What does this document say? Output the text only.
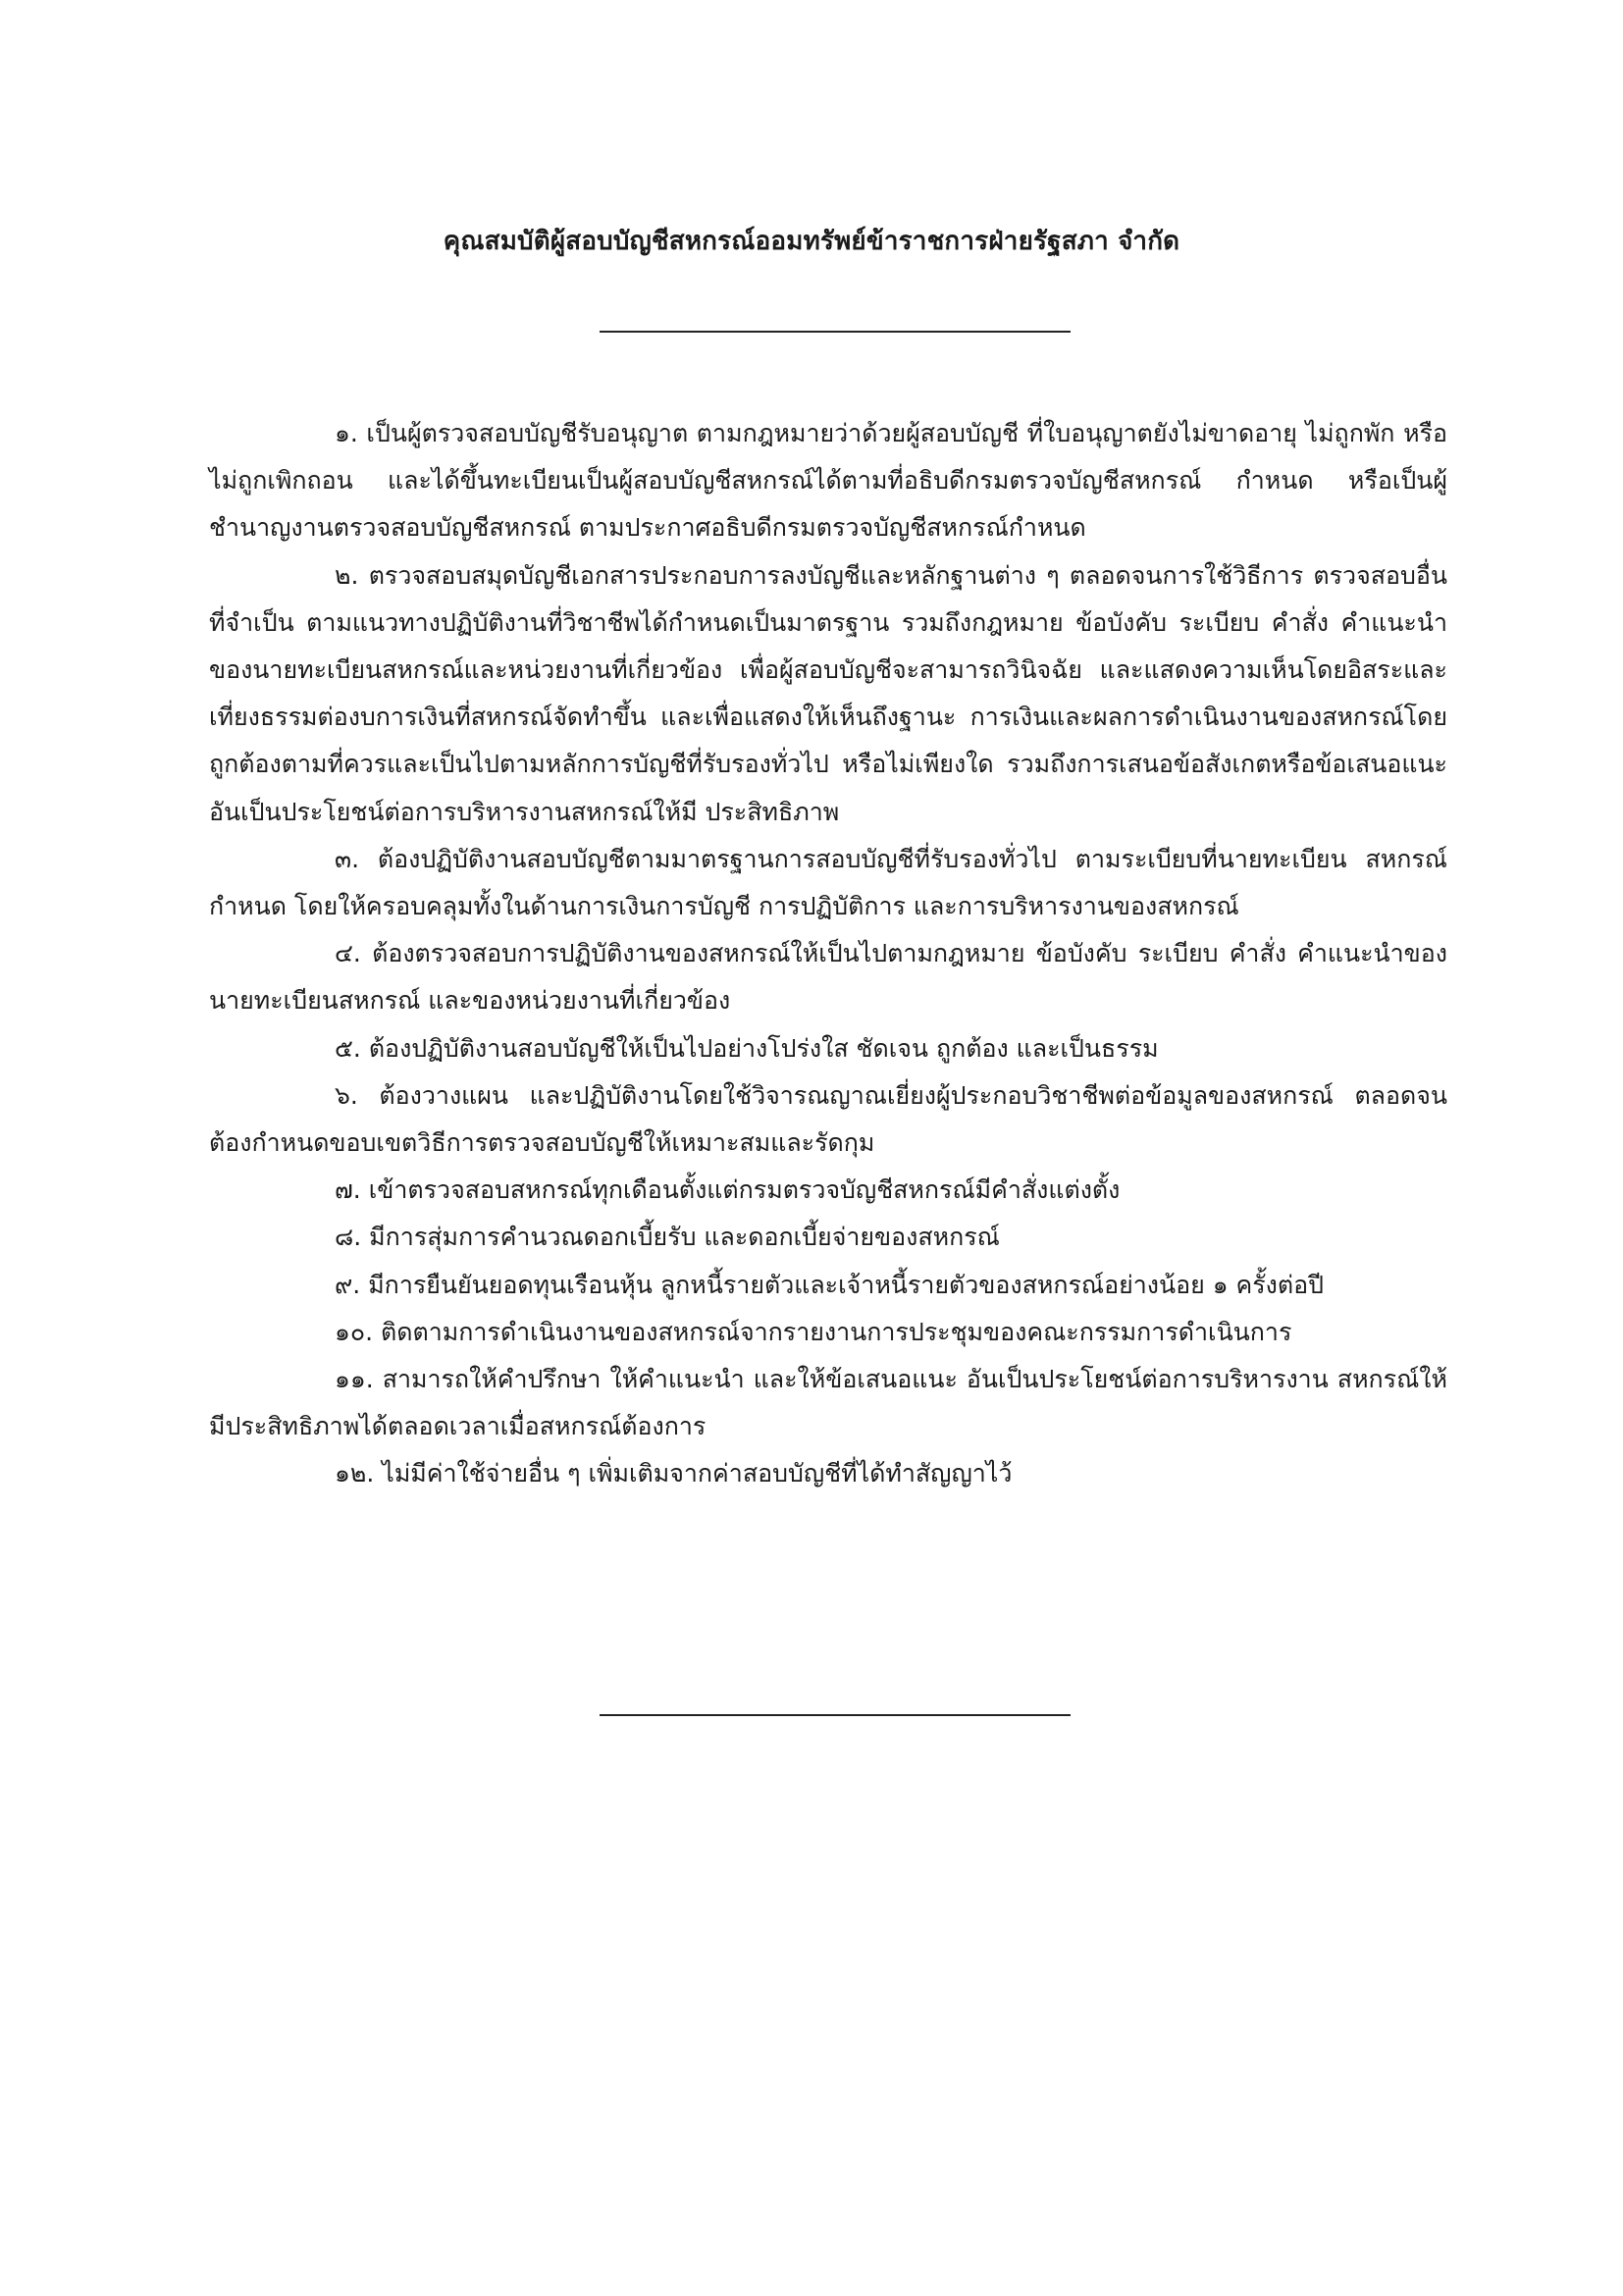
คุณสมบัติผู้สอบบัญชีสหกรณ์ออมทรัพย์ข้าราชการฝ่ายรัฐสภา จำกัด

๑. เป็นผู้ตรวจสอบบัญชีรับอนุญาต ตามกฎหมายว่าด้วยผู้สอบบัญชี ที่ใบอนุญาตยังไม่ขาดอายุ ไม่ถูกพัก หรือไม่ถูกเพิกถอน และได้ขึ้นทะเบียนเป็นผู้สอบบัญชีสหกรณ์ได้ตามที่อธิบดีกรมตรวจบัญชีสหกรณ์ กำหนด หรือเป็นผู้ชำนาญงานตรวจสอบบัญชีสหกรณ์ ตามประกาศอธิบดีกรมตรวจบัญชีสหกรณ์กำหนด

๒. ตรวจสอบสมุดบัญชีเอกสารประกอบการลงบัญชีและหลักฐานต่าง ๆ ตลอดจนการใช้วิธีการ ตรวจสอบอื่นที่จำเป็น ตามแนวทางปฏิบัติงานที่วิชาชีพได้กำหนดเป็นมาตรฐาน รวมถึงกฎหมาย ข้อบังคับ ระเบียบ คำสั่ง คำแนะนำของนายทะเบียนสหกรณ์และหน่วยงานที่เกี่ยวข้อง เพื่อผู้สอบบัญชีจะสามารถวินิจฉัย และแสดงความเห็นโดยอิสระและเที่ยงธรรมต่องบการเงินที่สหกรณ์จัดทำขึ้น และเพื่อแสดงให้เห็นถึงฐานะ การเงินและผลการดำเนินงานของสหกรณ์โดยถูกต้องตามที่ควรและเป็นไปตามหลักการบัญชีที่รับรองทั่วไป หรือไม่เพียงใด รวมถึงการเสนอข้อสังเกตหรือข้อเสนอแนะ อันเป็นประโยชน์ต่อการบริหารงานสหกรณ์ให้มี ประสิทธิภาพ

๓. ต้องปฏิบัติงานสอบบัญชีตามมาตรฐานการสอบบัญชีที่รับรองทั่วไป ตามระเบียบที่นายทะเบียน สหกรณ์กำหนด โดยให้ครอบคลุมทั้งในด้านการเงินการบัญชี การปฏิบัติการ และการบริหารงานของสหกรณ์

๔. ต้องตรวจสอบการปฏิบัติงานของสหกรณ์ให้เป็นไปตามกฎหมาย ข้อบังคับ ระเบียบ คำสั่ง คำแนะนำของนายทะเบียนสหกรณ์ และของหน่วยงานที่เกี่ยวข้อง

๕. ต้องปฏิบัติงานสอบบัญชีให้เป็นไปอย่างโปร่งใส ชัดเจน ถูกต้อง และเป็นธรรม

๖. ต้องวางแผน และปฏิบัติงานโดยใช้วิจารณญาณเยี่ยงผู้ประกอบวิชาชีพต่อข้อมูลของสหกรณ์ ตลอดจนต้องกำหนดขอบเขตวิธีการตรวจสอบบัญชีให้เหมาะสมและรัดกุม

๗. เข้าตรวจสอบสหกรณ์ทุกเดือนตั้งแต่กรมตรวจบัญชีสหกรณ์มีคำสั่งแต่งตั้ง

๘. มีการสุ่มการคำนวณดอกเบี้ยรับ และดอกเบี้ยจ่ายของสหกรณ์

๙. มีการยืนยันยอดทุนเรือนหุ้น ลูกหนี้รายตัวและเจ้าหนี้รายตัวของสหกรณ์อย่างน้อย ๑ ครั้งต่อปี

๑๐. ติดตามการดำเนินงานของสหกรณ์จากรายงานการประชุมของคณะกรรมการดำเนินการ

๑๑. สามารถให้คำปรึกษา ให้คำแนะนำ และให้ข้อเสนอแนะ อันเป็นประโยชน์ต่อการบริหารงาน สหกรณ์ให้มีประสิทธิภาพได้ตลอดเวลาเมื่อสหกรณ์ต้องการ

๑๒. ไม่มีค่าใช้จ่ายอื่น ๆ เพิ่มเติมจากค่าสอบบัญชีที่ได้ทำสัญญาไว้
